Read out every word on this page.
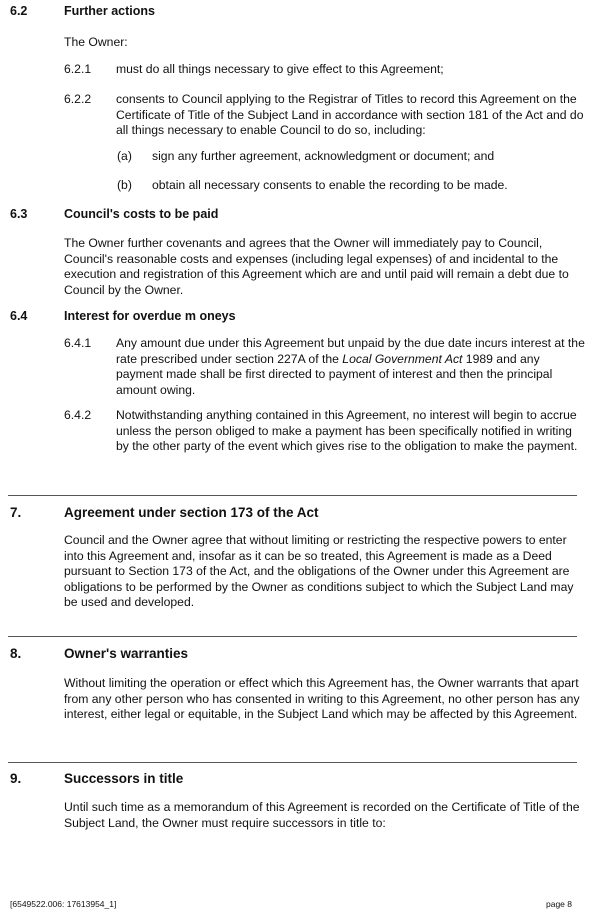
6.2	Further actions
The Owner:
6.2.1 must do all things necessary to give effect to this Agreement;
6.2.2 consents to Council applying to the Registrar of Titles to record this Agreement on the Certificate of Title of the Subject Land in accordance with section 181 of the Act and do all things necessary to enable Council to do so, including:
(a) sign any further agreement, acknowledgment or document; and
(b) obtain all necessary consents to enable the recording to be made.
6.3	Council's costs to be paid
The Owner further covenants and agrees that the Owner will immediately pay to Council, Council's reasonable costs and expenses (including legal expenses) of and incidental to the execution and registration of this Agreement which are and until paid will remain a debt due to Council by the Owner.
6.4	Interest for overdue m oneys
6.4.1 Any amount due under this Agreement but unpaid by the due date incurs interest at the rate prescribed under section 227A of the Local Government Act 1989 and any payment made shall be first directed to payment of interest and then the principal amount owing.
6.4.2 Notwithstanding anything contained in this Agreement, no interest will begin to accrue unless the person obliged to make a payment has been specifically notified in writing by the other party of the event which gives rise to the obligation to make the payment.
7.	Agreement under section 173 of the Act
Council and the Owner agree that without limiting or restricting the respective powers to enter into this Agreement and, insofar as it can be so treated, this Agreement is made as a Deed pursuant to Section 173 of the Act, and the obligations of the Owner under this Agreement are obligations to be performed by the Owner as conditions subject to which the Subject Land may be used and developed.
8.	Owner's warranties
Without limiting the operation or effect which this Agreement has, the Owner warrants that apart from any other person who has consented in writing to this Agreement, no other person has any interest, either legal or equitable, in the Subject Land which may be affected by this Agreement.
9.	Successors in title
Until such time as a memorandum of this Agreement is recorded on the Certificate of Title of the Subject Land, the Owner must require successors in title to:
[6549522.006: 17613954_1]	page 8
